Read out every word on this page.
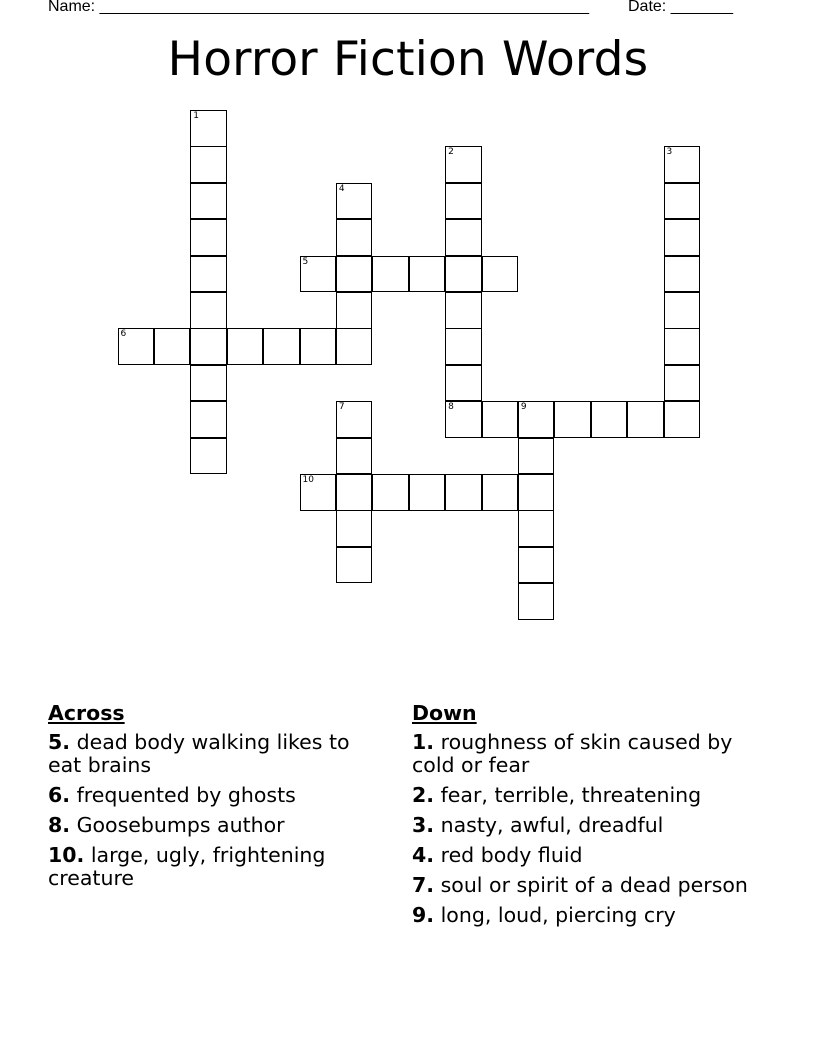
Name: _______________________________________________________ Date: _______
Horror Fiction Words
1
2
8
3
4
5
6
7	9
10
Across
5. dead body walking likes to eat brains
6. frequented by ghosts
8. Goosebumps author
10. large, ugly, frightening creature
Down
1. roughness of skin caused by cold or fear
2. fear, terrible, threatening
3. nasty, awful, dreadful
4. red body fluid
7. soul or spirit of a dead person
9. long, loud, piercing cry
